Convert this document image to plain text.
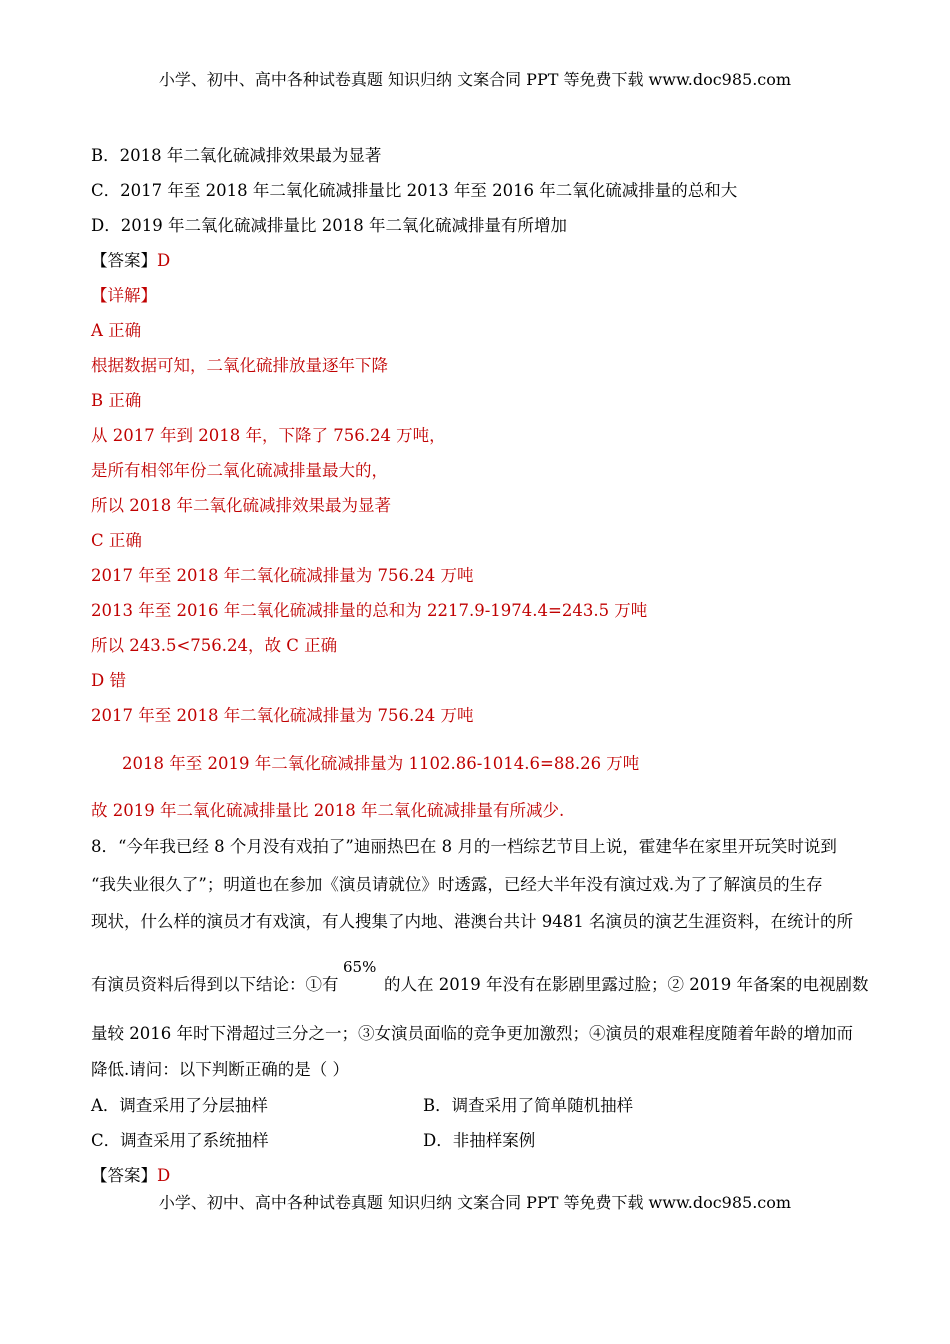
小学、初中、高中各种试卷真题 知识归纳 文案合同 PPT 等免费下载 www.doc985.com
B．2018 年二氧化硫减排效果最为显著
C．2017 年至 2018 年二氧化硫减排量比 2013 年至 2016 年二氧化硫减排量的总和大
D．2019 年二氧化硫减排量比 2018 年二氧化硫减排量有所增加
【答案】D
【详解】
A 正确
根据数据可知，二氧化硫排放量逐年下降
B 正确
从 2017 年到 2018 年，下降了 756.24 万吨，
是所有相邻年份二氧化硫减排量最大的，
所以 2018 年二氧化硫减排效果最为显著
C 正确
2017 年至 2018 年二氧化硫减排量为 756.24 万吨
2013 年至 2016 年二氧化硫减排量的总和为 2217.9-1974.4=243.5 万吨
所以 243.5<756.24，故 C 正确
D 错
2017 年至 2018 年二氧化硫减排量为 756.24 万吨
2018 年至 2019 年二氧化硫减排量为 1102.86-1014.6=88.26 万吨
故 2019 年二氧化硫减排量比 2018 年二氧化硫减排量有所减少.
8．“今年我已经 8 个月没有戏拍了”迪丽热巴在 8 月的一档综艺节目上说，霍建华在家里开玩笑时说到
“我失业很久了”；明道也在参加《演员请就位》时透露，已经大半年没有演过戏.为了了解演员的生存
现状，什么样的演员才有戏演，有人搜集了内地、港澳台共计 9481 名演员的演艺生涯资料，在统计的所
有演员资料后得到以下结论：①有
65%
的人在 2019 年没有在影剧里露过脸；② 2019 年备案的电视剧数
量较 2016 年时下滑超过三分之一；③女演员面临的竞争更加激烈；④演员的艰难程度随着年龄的增加而
降低.请问：以下判断正确的是（ ）
A．调查采用了分层抽样	B．调查采用了简单随机抽样
C．调查采用了系统抽样	D．非抽样案例
【答案】D
小学、初中、高中各种试卷真题 知识归纳 文案合同 PPT 等免费下载 www.doc985.com
